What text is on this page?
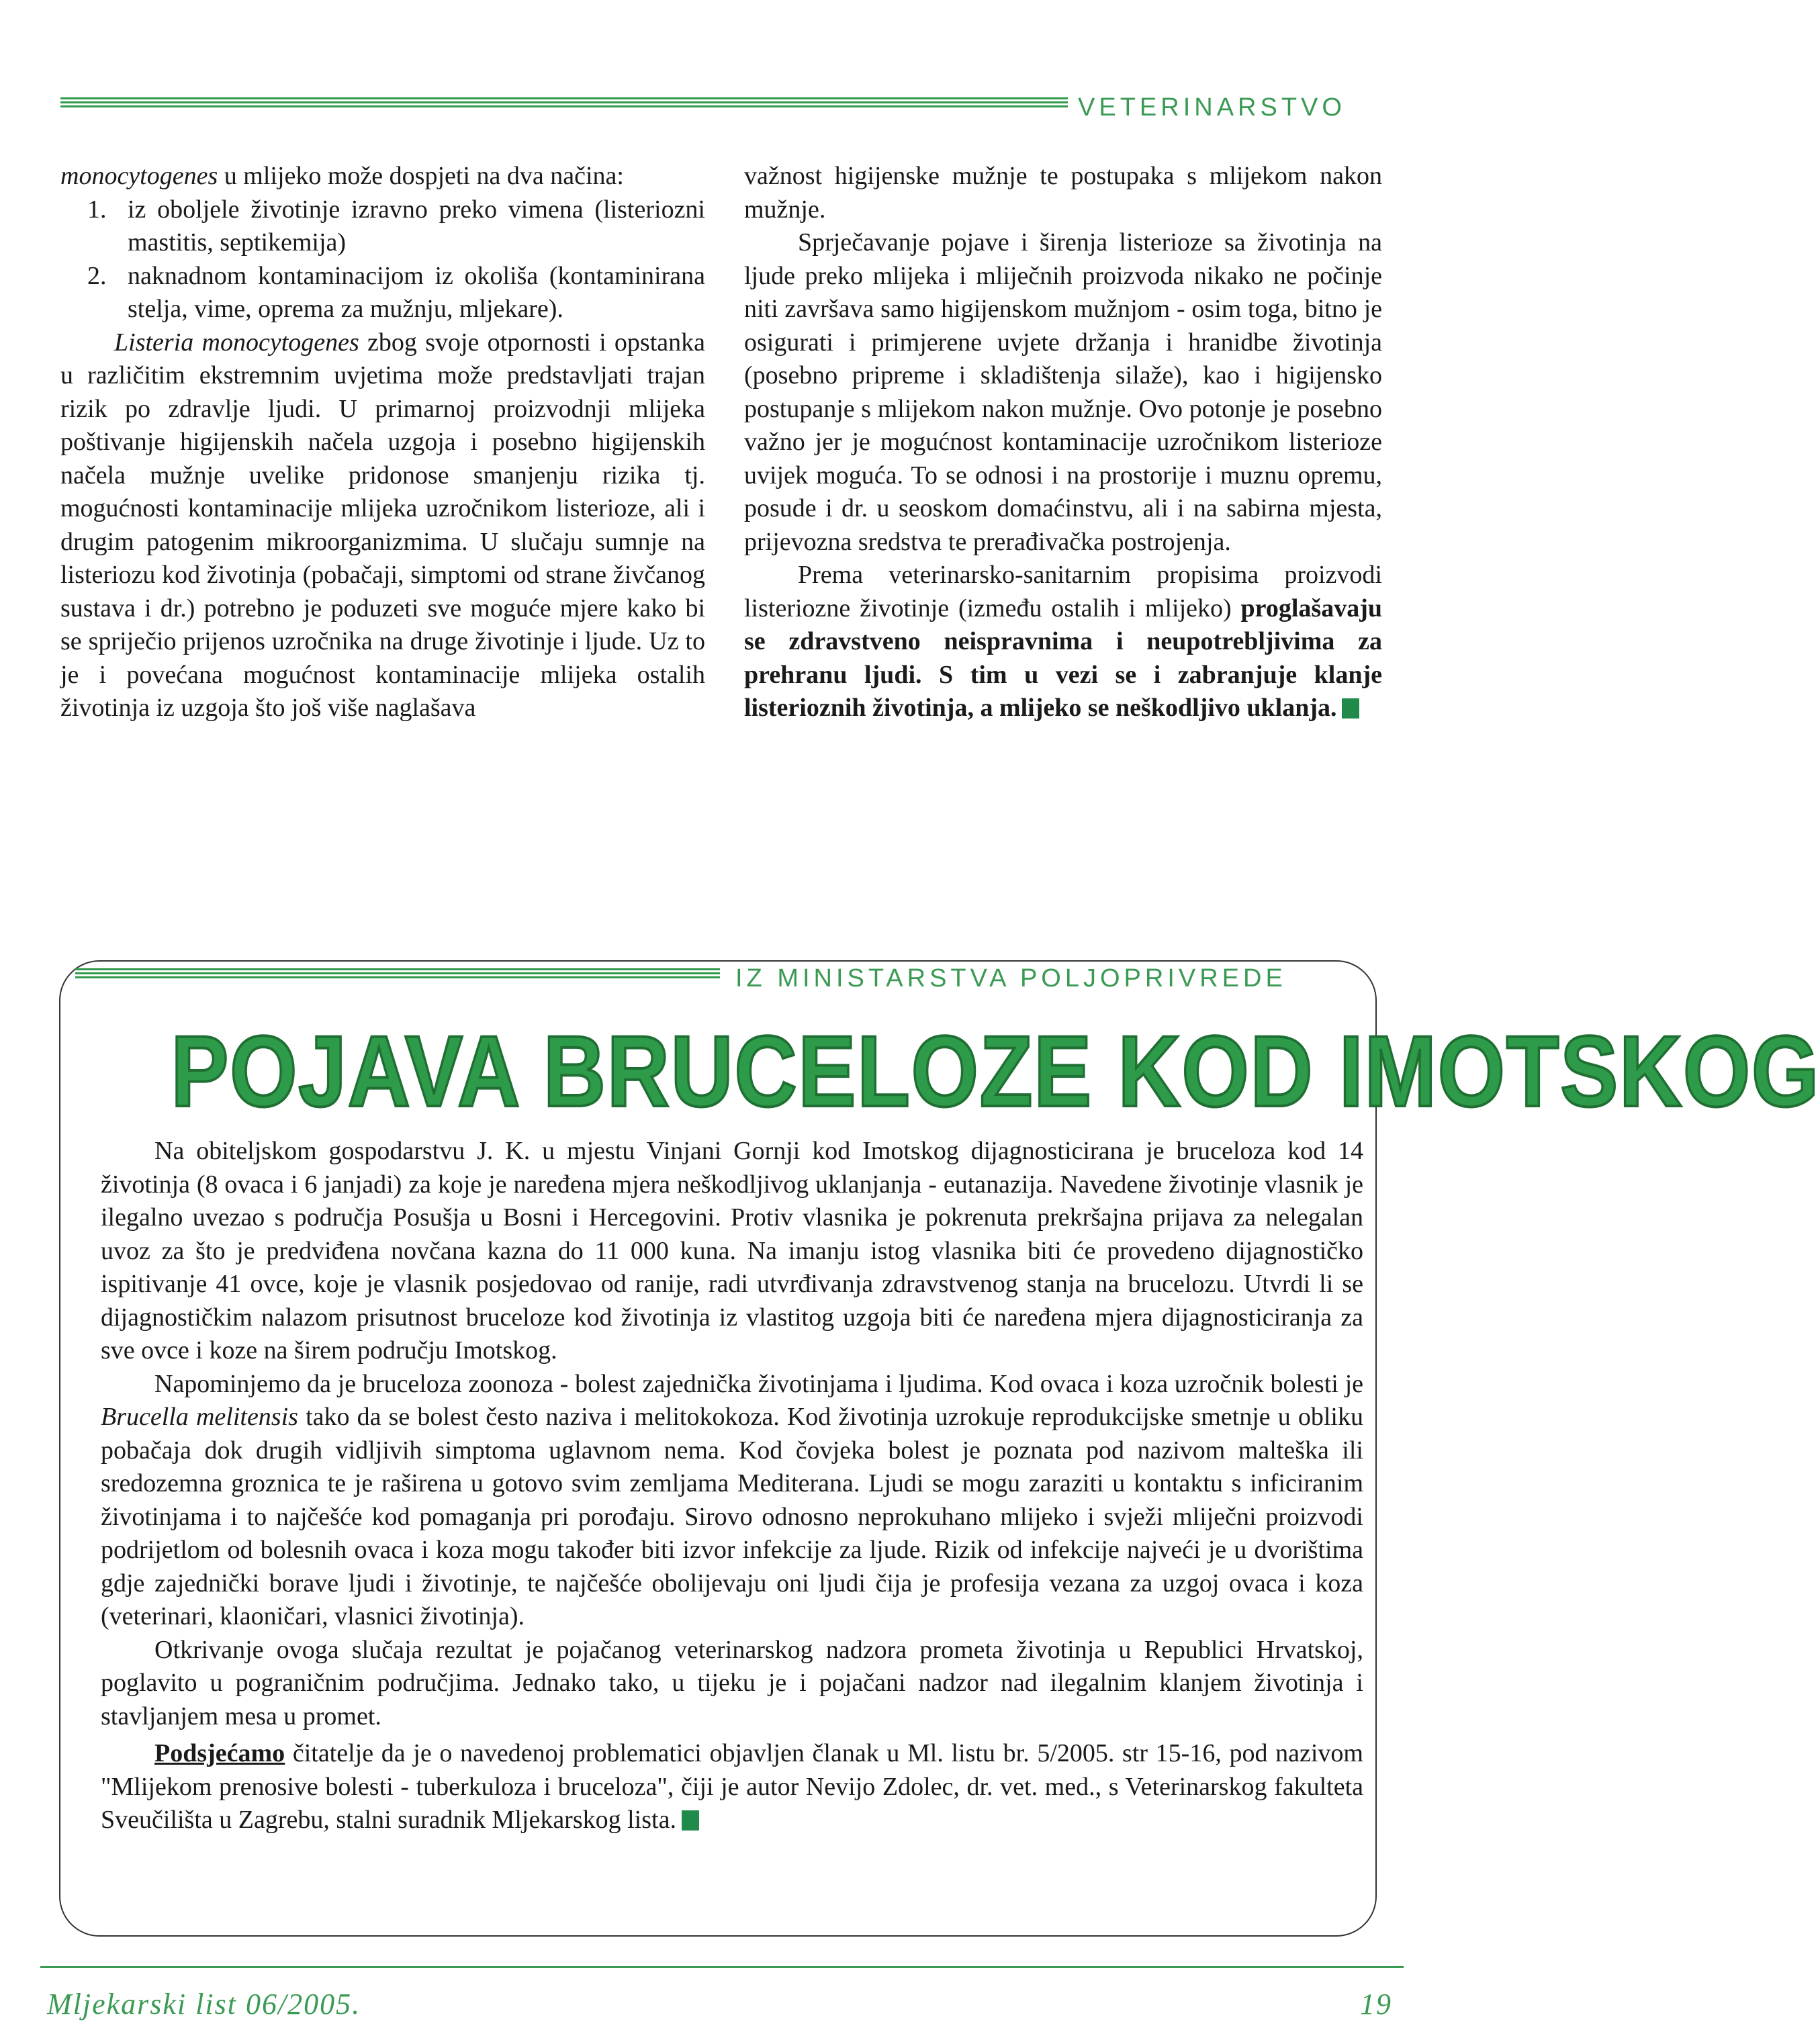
VETERINARSTVO

monocytogenes u mlijeko može dospjeti na dva načina:

1. iz oboljele životinje izravno preko vimena (listeriozni mastitis, septikemija)
2. naknadnom kontaminacijom iz okoliša (kontaminirana stelja, vime, oprema za mužnju, mljekare).

Listeria monocytogenes zbog svoje otpornosti i opstanka u različitim ekstremnim uvjetima može predstavljati trajan rizik po zdravlje ljudi. U primarnoj proizvodnji mlijeka poštivanje higijenskih načela uzgoja i posebno higijenskih načela mužnje uvelike pridonose smanjenju rizika tj. mogućnosti kontaminacije mlijeka uzročnikom listerioze, ali i drugim patogenim mikroorganizmima. U slučaju sumnje na listeriozu kod životinja (pobačaji, simptomi od strane živčanog sustava i dr.) potrebno je poduzeti sve moguće mjere kako bi se spriječio prijenos uzročnika na druge životinje i ljude. Uz to je i povećana mogućnost kontaminacije mlijeka ostalih životinja iz uzgoja što još više naglašava

važnost higijenske mužnje te postupaka s mlijekom nakon mužnje.

Sprječavanje pojave i širenja listerioze sa životinja na ljude preko mlijeka i mliječnih proizvoda nikako ne počinje niti završava samo higijenskom mužnjom - osim toga, bitno je osigurati i primjerene uvjete držanja i hranidbe životinja (posebno pripreme i skladištenja silaže), kao i higijensko postupanje s mlijekom nakon mužnje. Ovo potonje je posebno važno jer je mogućnost kontaminacije uzročnikom listerioze uvijek moguća. To se odnosi i na prostorije i muznu opremu, posude i dr. u seoskom domaćinstvu, ali i na sabirna mjesta, prijevozna sredstva te prerađivačka postrojenja.

Prema veterinarsko-sanitarnim propisima proizvodi listeriozne životinje (između ostalih i mlijeko) proglašavaju se zdravstveno neispravnima i neupotrebljivima za prehranu ljudi. S tim u vezi se i zabranjuje klanje listerioznih životinja, a mlijeko se neškodljivo uklanja.

IZ MINISTARSTVA POLJOPRIVREDE
POJAVA BRUCELOZE KOD IMOTSKOG

Na obiteljskom gospodarstvu J. K. u mjestu Vinjani Gornji kod Imotskog dijagnosticirana je bruceloza kod 14 životinja (8 ovaca i 6 janjadi) za koje je naređena mjera neškodljivog uklanjanja - eutanazija. Navedene životinje vlasnik je ilegalno uvezao s područja Posušja u Bosni i Hercegovini. Protiv vlasnika je pokrenuta prekršajna prijava za nelegalan uvoz za što je predviđena novčana kazna do 11 000 kuna. Na imanju istog vlasnika biti će provedeno dijagnostičko ispitivanje 41 ovce, koje je vlasnik posjedovao od ranije, radi utvrđivanja zdravstvenog stanja na brucelozu. Utvrdi li se dijagnostičkim nalazom prisutnost bruceloze kod životinja iz vlastitog uzgoja biti će naređena mjera dijagnosticiranja za sve ovce i koze na širem području Imotskog.

Napominjemo da je bruceloza zoonoza - bolest zajednička životinjama i ljudima. Kod ovaca i koza uzročnik bolesti je Brucella melitensis tako da se bolest često naziva i melitokokoza. Kod životinja uzrokuje reprodukcijske smetnje u obliku pobačaja dok drugih vidljivih simptoma uglavnom nema. Kod čovjeka bolest je poznata pod nazivom malteška ili sredozemna groznica te je raširena u gotovo svim zemljama Mediterana. Ljudi se mogu zaraziti u kontaktu s inficiranim životinjama i to najčešće kod pomaganja pri porođaju. Sirovo odnosno neprokuhano mlijeko i svježi mliječni proizvodi podrijetlom od bolesnih ovaca i koza mogu također biti izvor infekcije za ljude. Rizik od infekcije najveći je u dvorištima gdje zajednički borave ljudi i životinje, te najčešće obolijevaju oni ljudi čija je profesija vezana za uzgoj ovaca i koza (veterinari, klaoničari, vlasnici životinja).

Otkrivanje ovoga slučaja rezultat je pojačanog veterinarskog nadzora prometa životinja u Republici Hrvatskoj, poglavito u pograničnim područjima. Jednako tako, u tijeku je i pojačani nadzor nad ilegalnim klanjem životinja i stavljanjem mesa u promet.

Podsjećamo čitatelje da je o navedenoj problematici objavljen članak u Ml. listu br. 5/2005. str 15-16, pod nazivom "Mlijekom prenosive bolesti - tuberkuloza i bruceloza", čiji je autor Nevijo Zdolec, dr. vet. med., s Veterinarskog fakulteta Sveučilišta u Zagrebu, stalni suradnik Mljekarskog lista.

Mljekarski list 06/2005.	19
